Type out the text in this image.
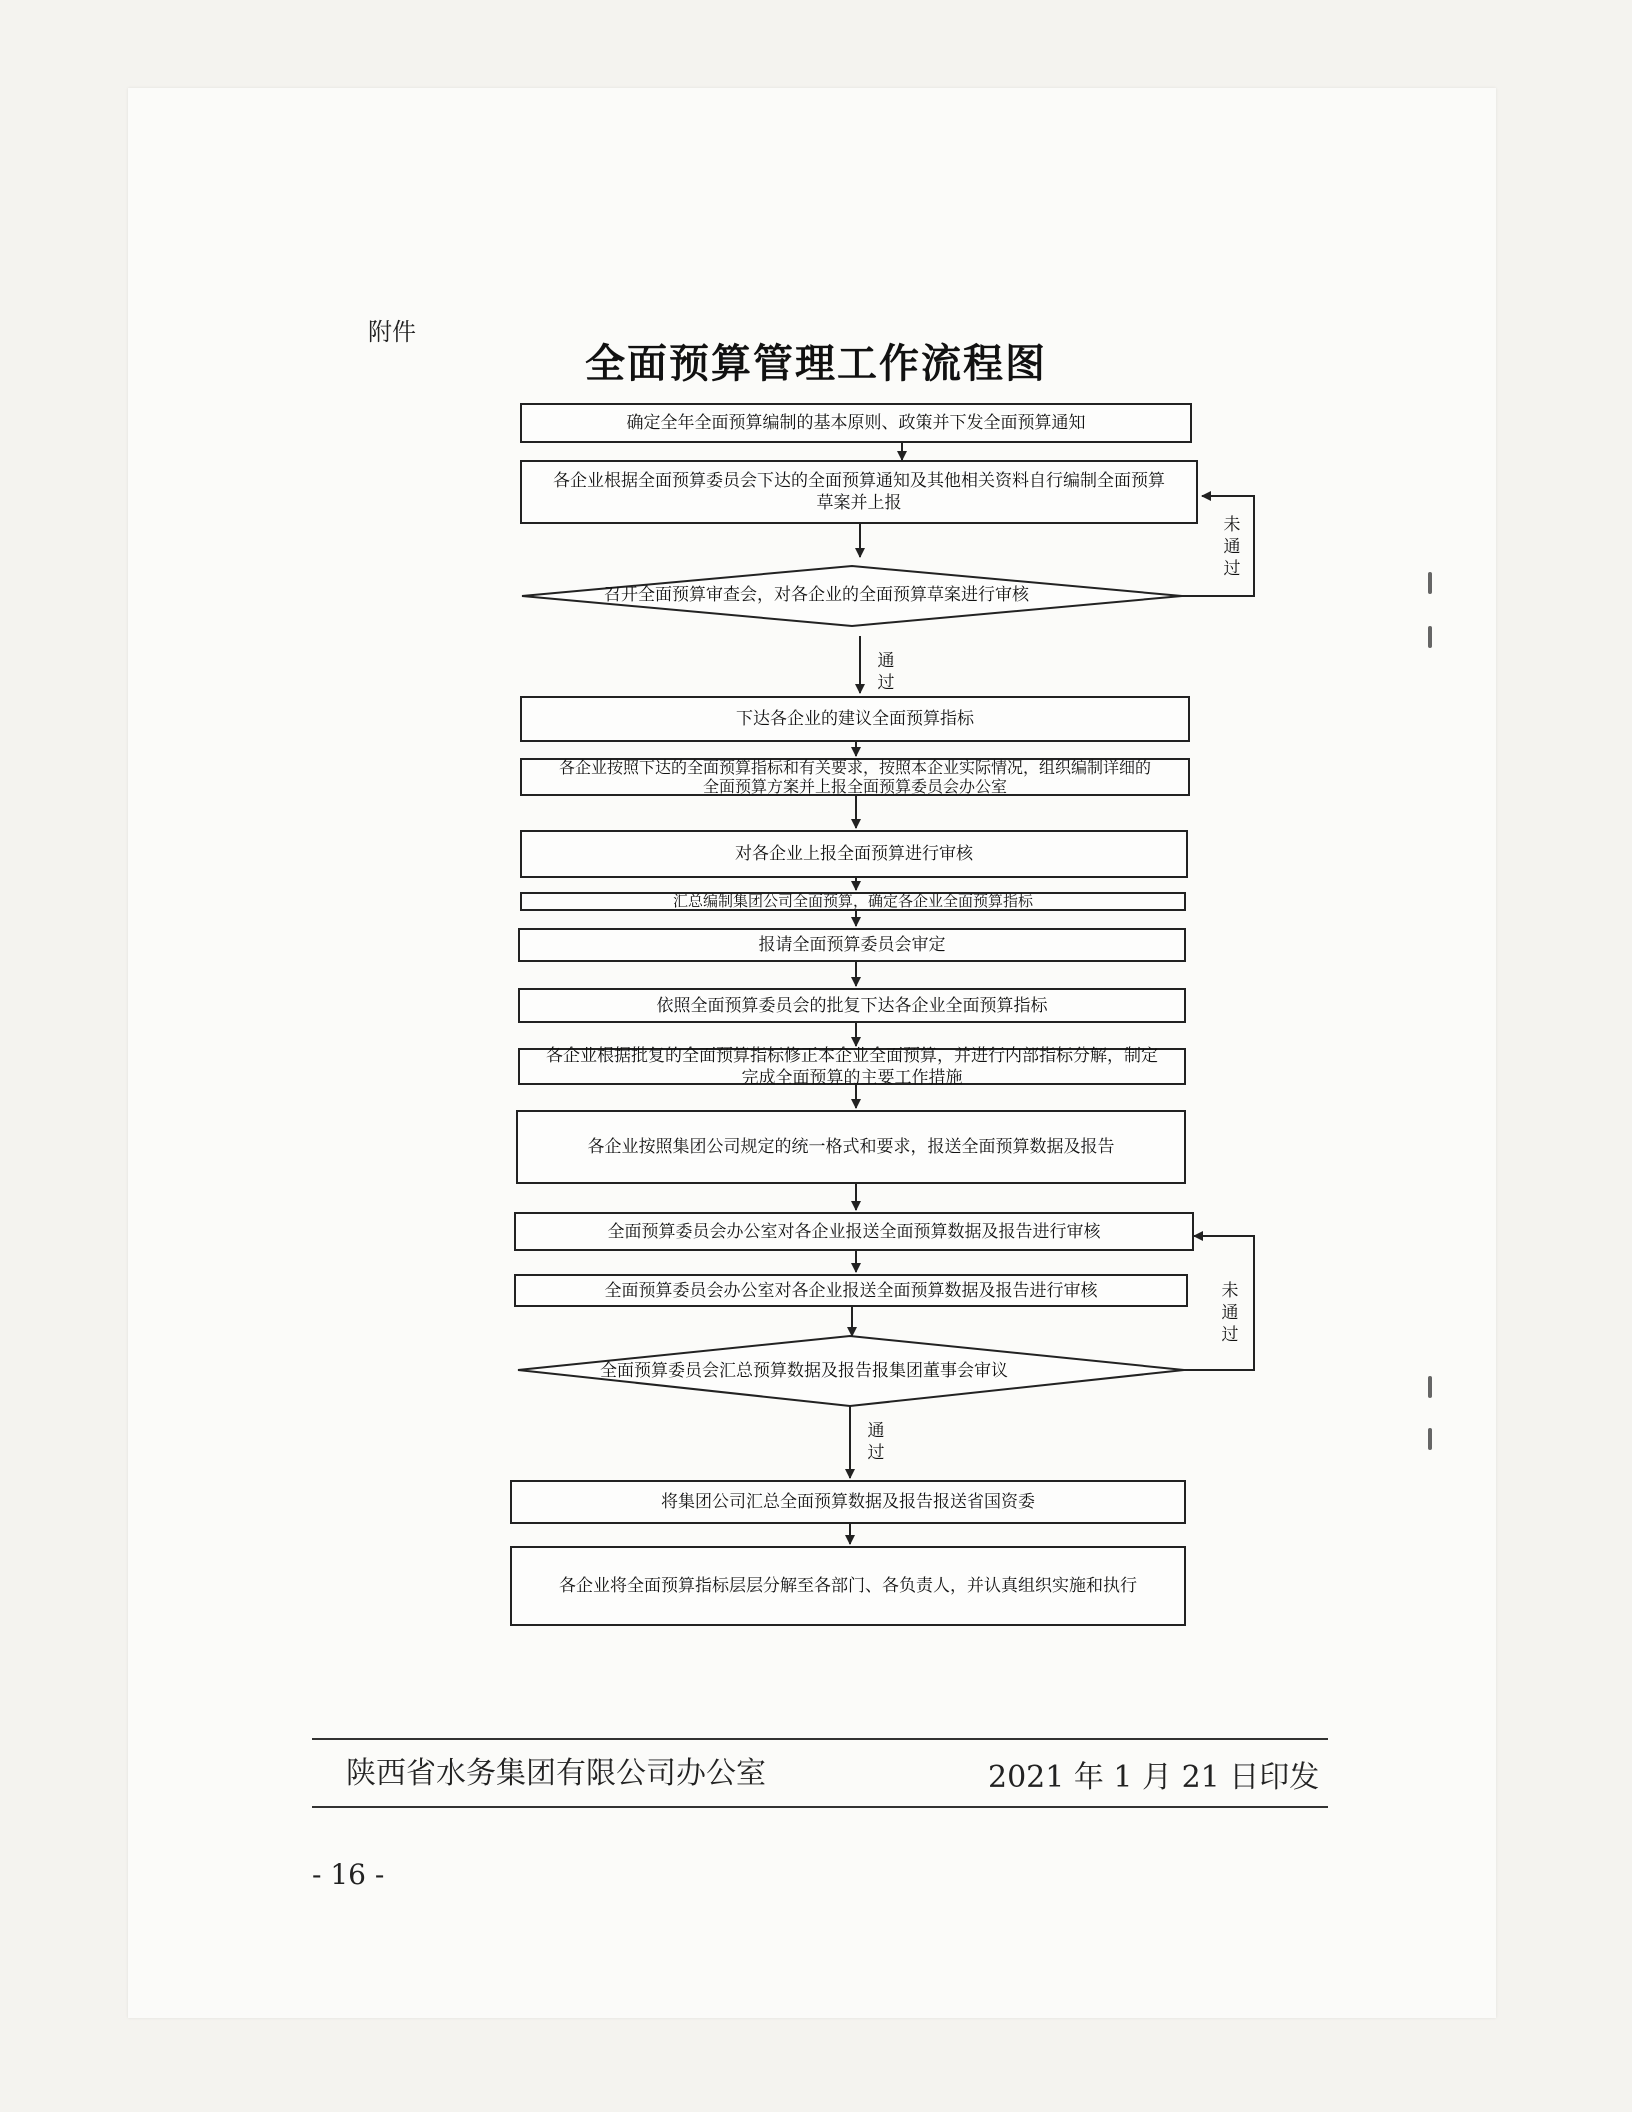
附件
全面预算管理工作流程图
确定全年全面预算编制的基本原则、政策并下发全面预算通知
各企业根据全面预算委员会下达的全面预算通知及其他相关资料自行编制全面预算草案并上报
召开全面预算审查会，对各企业的全面预算草案进行审核
未通过
通过
下达各企业的建议全面预算指标
各企业按照下达的全面预算指标和有关要求，按照本企业实际情况，组织编制详细的全面预算方案并上报全面预算委员会办公室
对各企业上报全面预算进行审核
汇总编制集团公司全面预算，确定各企业全面预算指标
报请全面预算委员会审定
依照全面预算委员会的批复下达各企业全面预算指标
各企业根据批复的全面预算指标修正本企业全面预算，并进行内部指标分解，制定完成全面预算的主要工作措施
各企业按照集团公司规定的统一格式和要求，报送全面预算数据及报告
全面预算委员会办公室对各企业报送全面预算数据及报告进行审核
全面预算委员会办公室对各企业报送全面预算数据及报告进行审核
全面预算委员会汇总预算数据及报告报集团董事会审议
未通过
通过
将集团公司汇总全面预算数据及报告报送省国资委
各企业将全面预算指标层层分解至各部门、各负责人，并认真组织实施和执行
陕西省水务集团有限公司办公室	2021 年 1 月 21 日印发
- 16 -
